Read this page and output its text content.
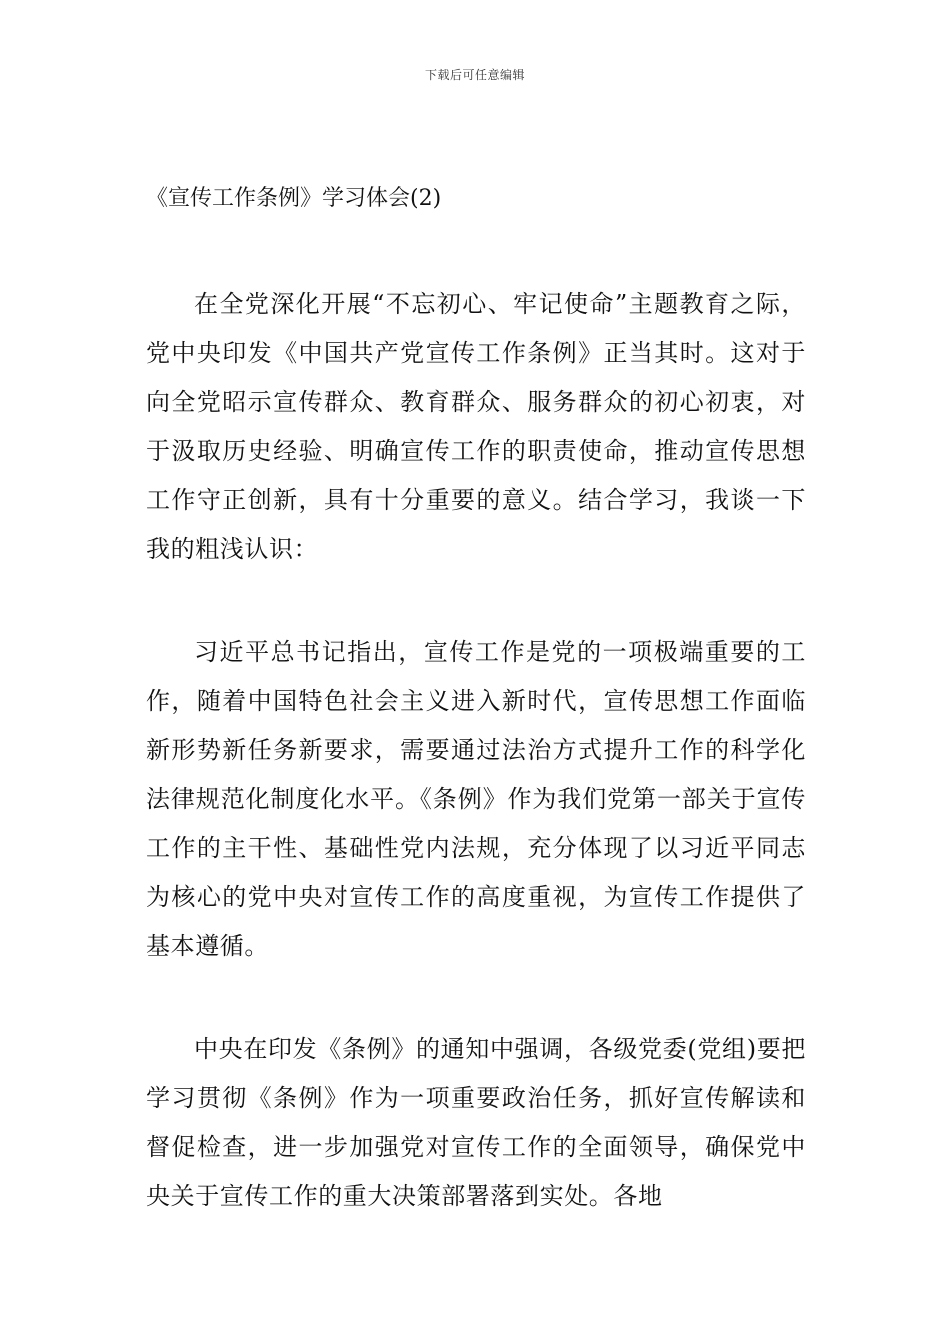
下载后可任意编辑
《宣传工作条例》学习体会(2)

在全党深化开展“不忘初心、牢记使命”主题教育之际，党中央印发《中国共产党宣传工作条例》正当其时。这对于向全党昭示宣传群众、教育群众、服务群众的初心初衷，对于汲取历史经验、明确宣传工作的职责使命，推动宣传思想工作守正创新，具有十分重要的意义。结合学习，我谈一下我的粗浅认识：

习近平总书记指出，宣传工作是党的一项极端重要的工作，随着中国特色社会主义进入新时代，宣传思想工作面临新形势新任务新要求，需要通过法治方式提升工作的科学化法律规范化制度化水平。《条例》作为我们党第一部关于宣传工作的主干性、基础性党内法规，充分体现了以习近平同志为核心的党中央对宣传工作的高度重视，为宣传工作提供了基本遵循。

中央在印发《条例》的通知中强调，各级党委(党组)要把学习贯彻《条例》作为一项重要政治任务，抓好宣传解读和督促检查，进一步加强党对宣传工作的全面领导，确保党中央关于宣传工作的重大决策部署落到实处。各地
